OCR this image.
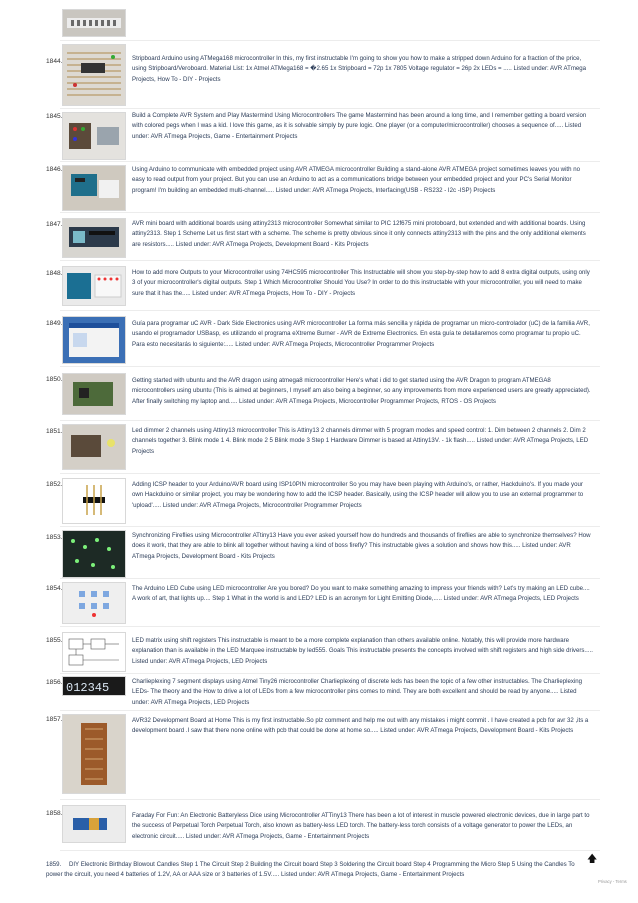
1844.	Stripboard Arduino using ATMega168 microcontroller In this, my first instructable I'm going to show you how to make a stripped down Arduino for a fraction of the price, using Stripboard/Veroboard. Material List: 1x Atmel ATMega168 = �2.65 1x Stripboard = 72p 1x 7805 Voltage regulator = 26p 2x LEDs = ..... Listed under: AVR ATmega Projects, How To - DIY - Projects
1845.	Build a Complete AVR System and Play Mastermind Using Microcontrollers The game Mastermind has been around a long time, and I remember getting a board version with colored pegs when I was a kid. I love this game, as it is solvable simply by pure logic. One player (or a computer/microcontroller) chooses a sequence of..... Listed under: AVR ATmega Projects, Game - Entertainment Projects
1846.	Using Arduino to communicate with embedded project using AVR ATMEGA microcontroller Building a stand-alone AVR ATMEGA project sometimes leaves you with no easy to read output from your project. But you can use an Arduino to act as a communications bridge between your embedded project and your PC's Serial Monitor program! I'm building an embedded multi-channel..... Listed under: AVR ATmega Projects, Interfacing(USB - RS232 - I2c -ISP) Projects
1847.	AVR mini board with additional boards using attiny2313 microcontroller Somewhat similar to PIC 12f675 mini protoboard, but extended and with additional boards. Using attiny2313. Step 1 Scheme Let us first start with a scheme. The scheme is pretty obvious since it only connects attiny2313 with the pins and the only additional elements are resistors..... Listed under: AVR ATmega Projects, Development Board - Kits Projects
1848.	How to add more Outputs to your Microcontroller using 74HC595 microcontroller This Instructable will show you step-by-step how to add 8 extra digital outputs, using only 3 of your microcontroller's digital outputs. Step 1 Which Microcontroller Should You Use? In order to do this instructable with your microcontroller, you will need to make sure that it has the..... Listed under: AVR ATmega Projects, How To - DIY - Projects
1849.	Guía para programar uC AVR - Dark Side Electronics using AVR microcontroller La forma más sencilla y rápida de programar un micro-controlador (uC) de la familia AVR, usando el programador USBasp, es utilizando el programa eXtreme Burner - AVR de Extreme Electronics. En esta guía te detallaremos como programar tu propio uC. Para esto necesitarás lo siguiente:..... Listed under: AVR ATmega Projects, Microcontroller Programmer Projects
1850.	Getting started with ubuntu and the AVR dragon using atmega8 microcontroller Here's what i did to get started using the AVR Dragon to program ATMEGA8 microcontrollers using ubuntu (This is aimed at beginners, I myself am also being a beginner, so any improvements from more experienced users are greatly appreciated). After finally switching my laptop and..... Listed under: AVR ATmega Projects, Microcontroller Programmer Projects, RTOS - OS Projects
1851.	Led dimmer 2 channels using Attiny13 microcontroller This is Attiny13 2 channels dimmer with 5 program modes and speed control: 1. Dim between 2 channels 2. Dim 2 channels together 3. Blink mode 1 4. Blink mode 2 5 Blink mode 3 Step 1 Hardware Dimmer is based at Attiny13V. - 1k flash..... Listed under: AVR ATmega Projects, LED Projects
1852.	Adding ICSP header to your Arduino/AVR board using ISP10PIN microcontroller So you may have been playing with Arduino's, or rather, Hackduino's. If you made your own Hackduino or similar project, you may be wondering how to add the ICSP header. Basically, using the ICSP header will allow you to use an external programmer to 'upload'..... Listed under: AVR ATmega Projects, Microcontroller Programmer Projects
1853.	Synchronizing Fireflies using Microcontroller ATtiny13 Have you ever asked yourself how do hundreds and thousands of fireflies are able to synchronize themselves? How does it work, that they are able to blink all together without having a kind of boss firefly? This instructable gives a solution and shows how this..... Listed under: AVR ATmega Projects, Development Board - Kits Projects
1854.	The Arduino LED Cube using LED microcontroller Are you bored? Do you want to make something amazing to impress your friends with? Let's try making an LED cube.... A work of art, that lights up.... Step 1 What in the world is and LED? LED is an acronym for Light Emitting Diode,..... Listed under: AVR ATmega Projects, LED Projects
1855.	LED matrix using shift registers This instructable is meant to be a more complete explanation than others available online. Notably, this will provide more hardware explanation than is available in the LED Marquee instructable by led555. Goals This instructable presents the concepts involved with shift registers and high side drivers..... Listed under: AVR ATmega Projects, LED Projects
1856. 012345	Charlieplexing 7 segment displays using Atmel Tiny26 microcontroller Charlieplexing of discrete leds has been the topic of a few other instructables. The Charlieplexing LEDs- The theory and the How to drive a lot of LEDs from a few microcontroller pins comes to mind. They are both excellent and should be read by anyone..... Listed under: AVR ATmega Projects, LED Projects
1857.	AVR32 Development Board at Home This is my first instructable.So plz comment and help me out with any mistakes i might commit . I have created a pcb for avr 32 ,its a development board .I saw that there none online with pcb that could be done at home so..... Listed under: AVR ATmega Projects, Development Board - Kits Projects
1858.	Faraday For Fun: An Electronic Batteryless Dice using Microcontroller ATTiny13 There has been a lot of interest in muscle powered electronic devices, due in large part to the success of Perpetual Torch Perpetual Torch, also known as battery-less LED torch. The battery-less torch consists of a voltage generator to power the LEDs, an electronic circuit..... Listed under: AVR ATmega Projects, Game - Entertainment Projects
1859. DIY Electronic Birthday Blowout Candles Step 1 The Circuit Step 2 Building the Circuit board Step 3 Soldering the Circuit board Step 4 Programming the Micro Step 5 Using the Candles To power the circuit, you need 4 batteries of 1.2V, AA or AAA size or 3 batteries of 1.5V..... Listed under: AVR ATmega Projects, Game - Entertainment Projects
🡅
Privacy - Terms
